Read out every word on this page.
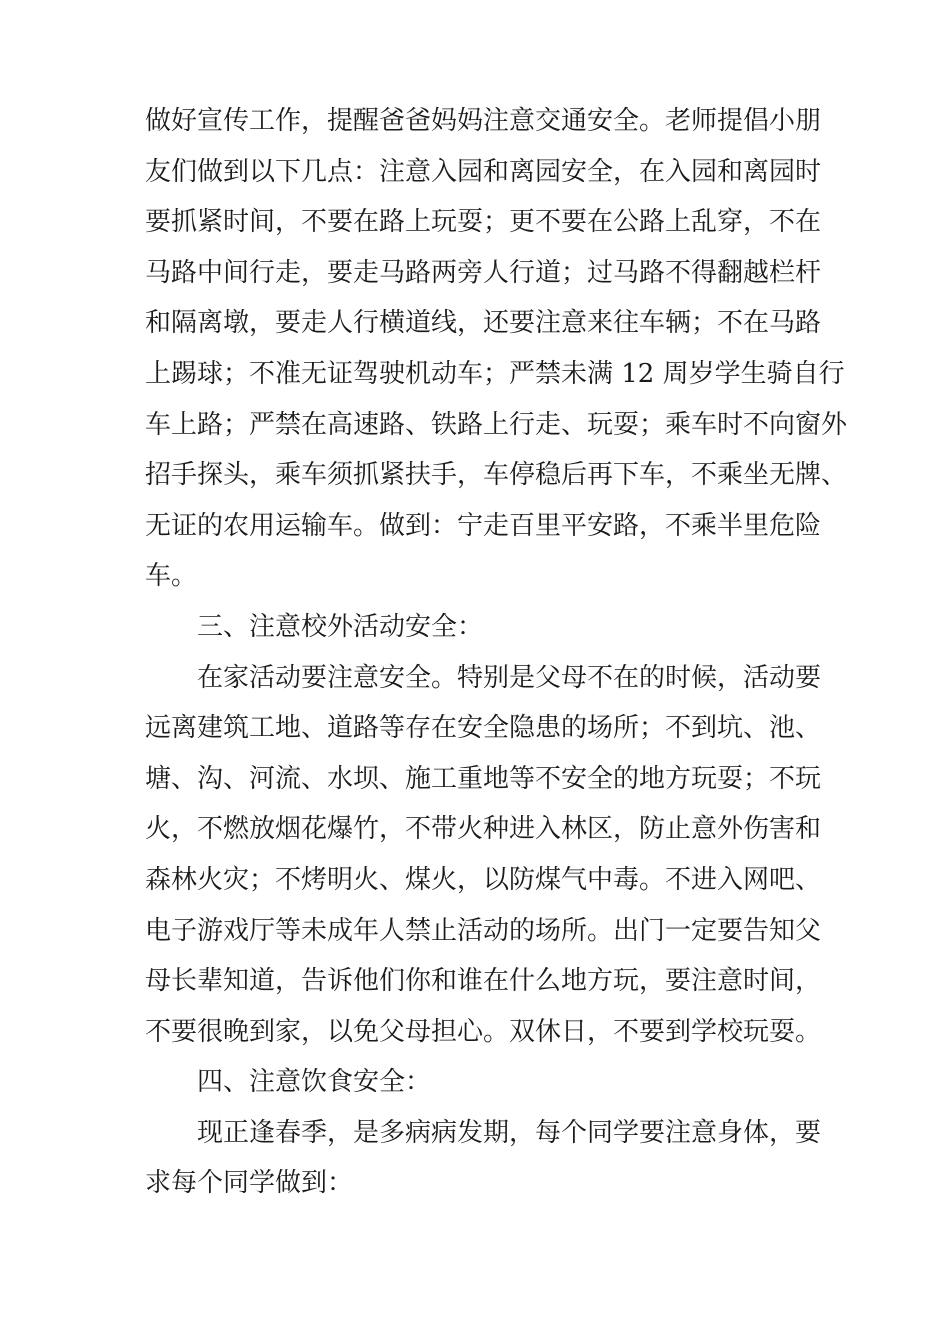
做好宣传工作，提醒爸爸妈妈注意交通安全。老师提倡小朋
友们做到以下几点：注意入园和离园安全，在入园和离园时
要抓紧时间，不要在路上玩耍；更不要在公路上乱穿，不在
马路中间行走，要走马路两旁人行道；过马路不得翻越栏杆
和隔离墩，要走人行横道线，还要注意来往车辆；不在马路
上踢球；不准无证驾驶机动车；严禁未满 12 周岁学生骑自行
车上路；严禁在高速路、铁路上行走、玩耍；乘车时不向窗外
招手探头，乘车须抓紧扶手，车停稳后再下车，不乘坐无牌、
无证的农用运输车。做到：宁走百里平安路，不乘半里危险
车。
三、注意校外活动安全：
在家活动要注意安全。特别是父母不在的时候，活动要
远离建筑工地、道路等存在安全隐患的场所；不到坑、池、
塘、沟、河流、水坝、施工重地等不安全的地方玩耍；不玩
火，不燃放烟花爆竹，不带火种进入林区，防止意外伤害和
森林火灾；不烤明火、煤火，以防煤气中毒。不进入网吧、
电子游戏厅等未成年人禁止活动的场所。出门一定要告知父
母长辈知道，告诉他们你和谁在什么地方玩，要注意时间，
不要很晚到家，以免父母担心。双休日，不要到学校玩耍。
四、注意饮食安全：
现正逢春季，是多病病发期，每个同学要注意身体，要
求每个同学做到：
